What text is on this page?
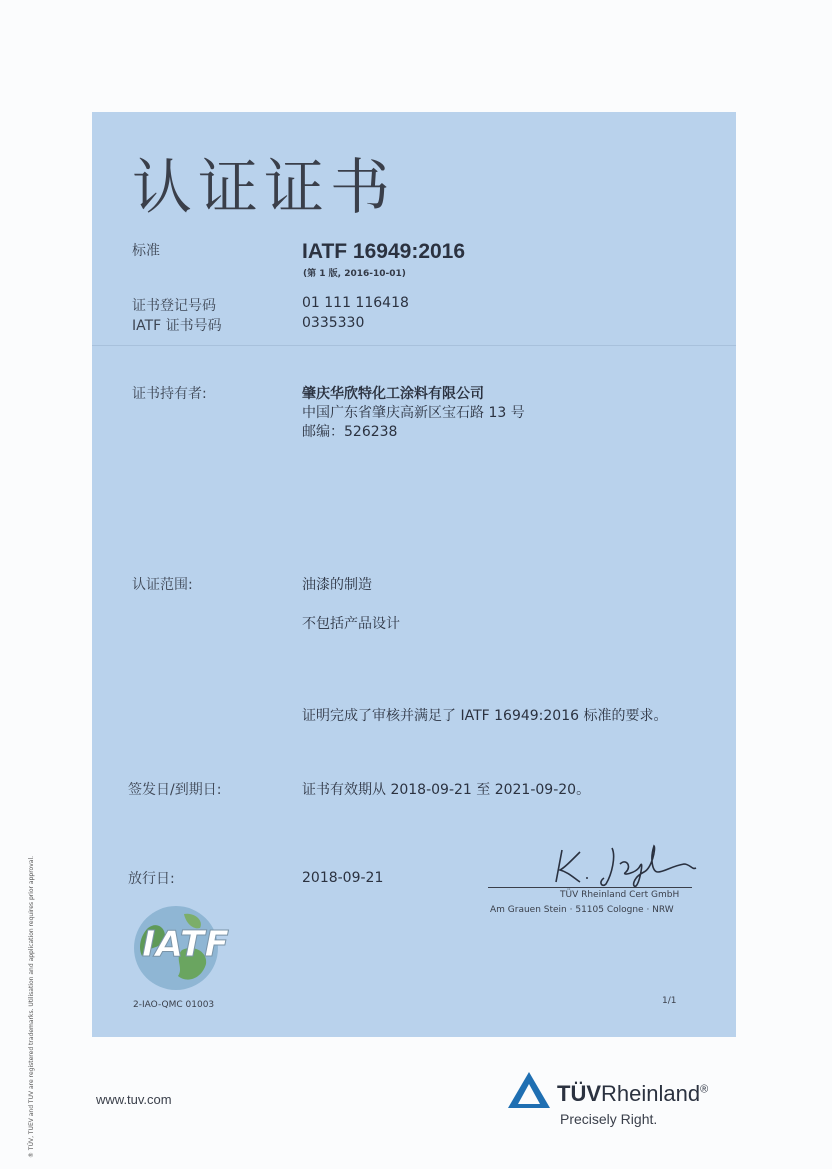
认证证书
标准	IATF 16949:2016
(第 1 版, 2016-10-01)
证书登记号码	01 111 116418
IATF 证书号码	0335330
证书持有者:	肇庆华欣特化工涂料有限公司
中国广东省肇庆高新区宝石路 13 号
邮编：526238
认证范围:	油漆的制造
不包括产品设计
证明完成了审核并满足了 IATF 16949:2016 标准的要求。
签发日/到期日:	证书有效期从 2018-09-21 至 2021-09-20。
放行日:	2018-09-21
TÜV Rheinland Cert GmbH
Am Grauen Stein · 51105 Cologne · NRW
IATF
2-IAO-QMC 01003	1/1
www.tuv.com	TÜVRheinland®
Precisely Right.
® TÜV, TUEV and TUV are registered trademarks. Utilisation and application requires prior approval.
